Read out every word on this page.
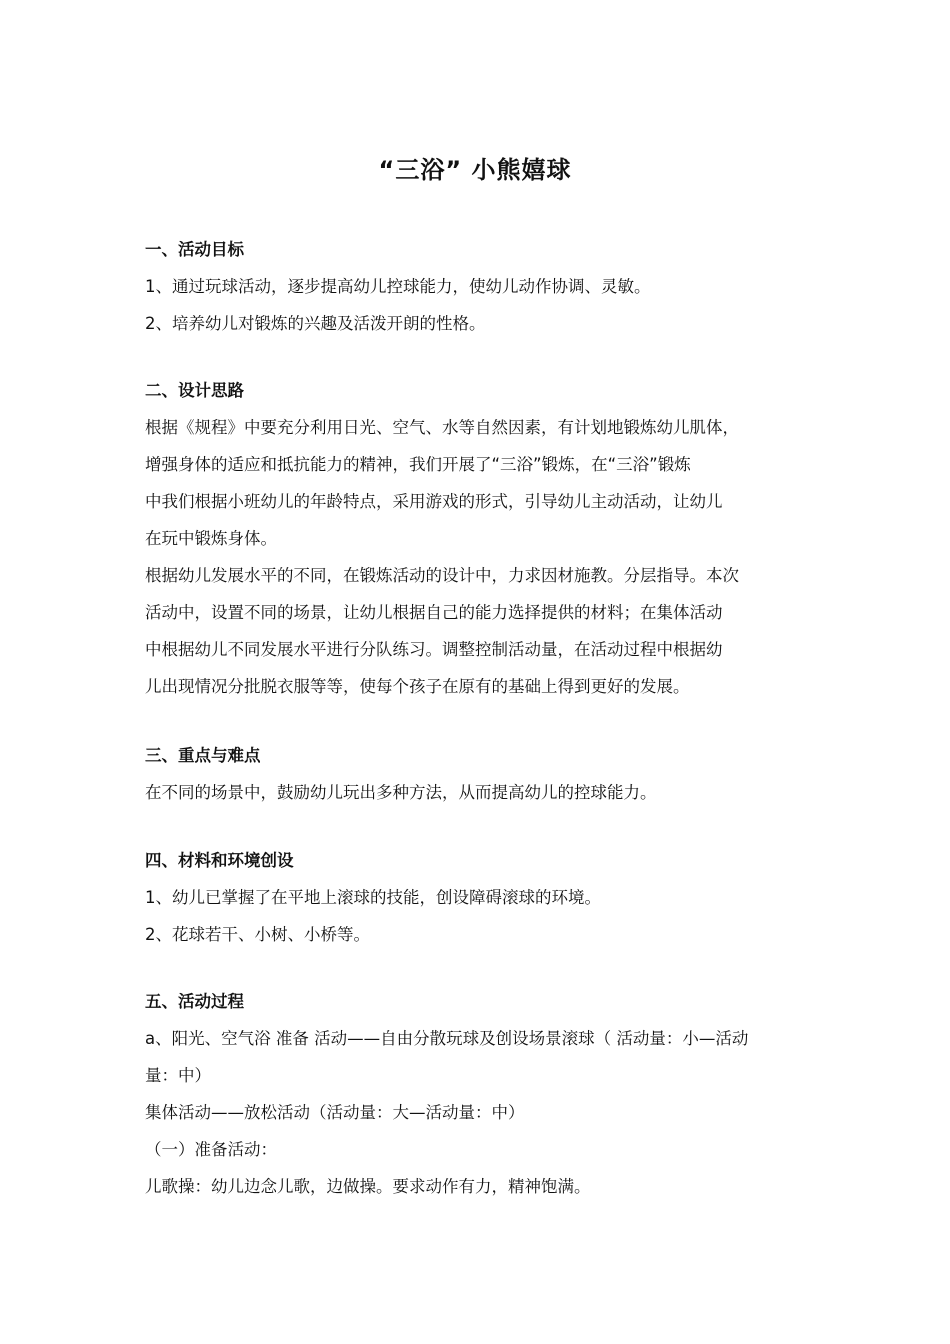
“三浴” 小熊嬉球
一、活动目标
1、通过玩球活动，逐步提高幼儿控球能力，使幼儿动作协调、灵敏。
2、培养幼儿对锻炼的兴趣及活泼开朗的性格。
二、设计思路
根据《规程》中要充分利用日光、空气、水等自然因素，有计划地锻炼幼儿肌体，
增强身体的适应和抵抗能力的精神，我们开展了“三浴”锻炼，在“三浴”锻炼
中我们根据小班幼儿的年龄特点，采用游戏的形式，引导幼儿主动活动，让幼儿
在玩中锻炼身体。
根据幼儿发展水平的不同，在锻炼活动的设计中，力求因材施教。分层指导。本次
活动中，设置不同的场景，让幼儿根据自己的能力选择提供的材料；在集体活动
中根据幼儿不同发展水平进行分队练习。调整控制活动量，在活动过程中根据幼
儿出现情况分批脱衣服等等，使每个孩子在原有的基础上得到更好的发展。
三、重点与难点
在不同的场景中，鼓励幼儿玩出多种方法，从而提高幼儿的控球能力。
四、材料和环境创设
1、幼儿已掌握了在平地上滚球的技能，创设障碍滚球的环境。
2、花球若干、小树、小桥等。
五、活动过程
a、阳光、空气浴 准备 活动——自由分散玩球及创设场景滚球（ 活动量：小—活动
量：中）
集体活动——放松活动（活动量：大—活动量：中）
（一）准备活动：
儿歌操：幼儿边念儿歌，边做操。要求动作有力，精神饱满。
